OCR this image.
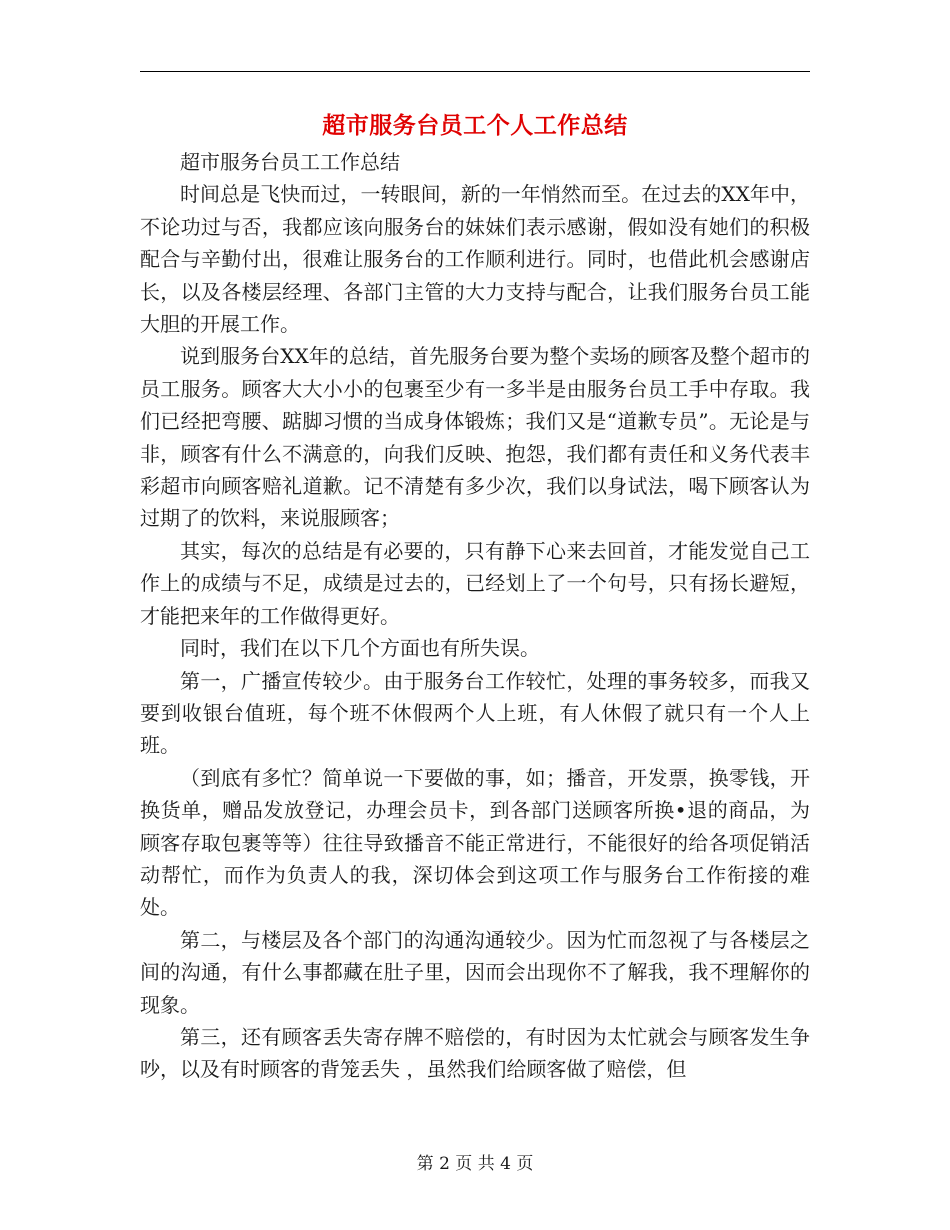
超市服务台员工个人工作总结

超市服务台员工工作总结

时间总是飞快而过，一转眼间，新的一年悄然而至。在过去的XX年中，不论功过与否，我都应该向服务台的妹妹们表示感谢，假如没有她们的积极配合与辛勤付出，很难让服务台的工作顺利进行。同时，也借此机会感谢店长，以及各楼层经理、各部门主管的大力支持与配合，让我们服务台员工能大胆的开展工作。

说到服务台XX年的总结，首先服务台要为整个卖场的顾客及整个超市的员工服务。顾客大大小小的包裹至少有一多半是由服务台员工手中存取。我们已经把弯腰、踮脚习惯的当成身体锻炼；我们又是“道歉专员”。无论是与非，顾客有什么不满意的，向我们反映、抱怨，我们都有责任和义务代表丰彩超市向顾客赔礼道歉。记不清楚有多少次，我们以身试法，喝下顾客认为过期了的饮料，来说服顾客；

其实，每次的总结是有必要的，只有静下心来去回首，才能发觉自己工作上的成绩与不足，成绩是过去的，已经划上了一个句号，只有扬长避短，才能把来年的工作做得更好。

同时，我们在以下几个方面也有所失误。

第一，广播宣传较少。由于服务台工作较忙，处理的事务较多，而我又要到收银台值班，每个班不休假两个人上班，有人休假了就只有一个人上班。

（到底有多忙？简单说一下要做的事，如；播音，开发票，换零钱，开换货单，赠品发放登记，办理会员卡，到各部门送顾客所换•退的商品，为顾客存取包裹等等）往往导致播音不能正常进行，不能很好的给各项促销活动帮忙，而作为负责人的我，深切体会到这项工作与服务台工作衔接的难处。

第二，与楼层及各个部门的沟通沟通较少。因为忙而忽视了与各楼层之间的沟通，有什么事都藏在肚子里，因而会出现你不了解我，我不理解你的现象。

第三，还有顾客丢失寄存牌不赔偿的，有时因为太忙就会与顾客发生争吵，以及有时顾客的背笼丢失 ，虽然我们给顾客做了赔偿，但

第 2 页 共 4 页
